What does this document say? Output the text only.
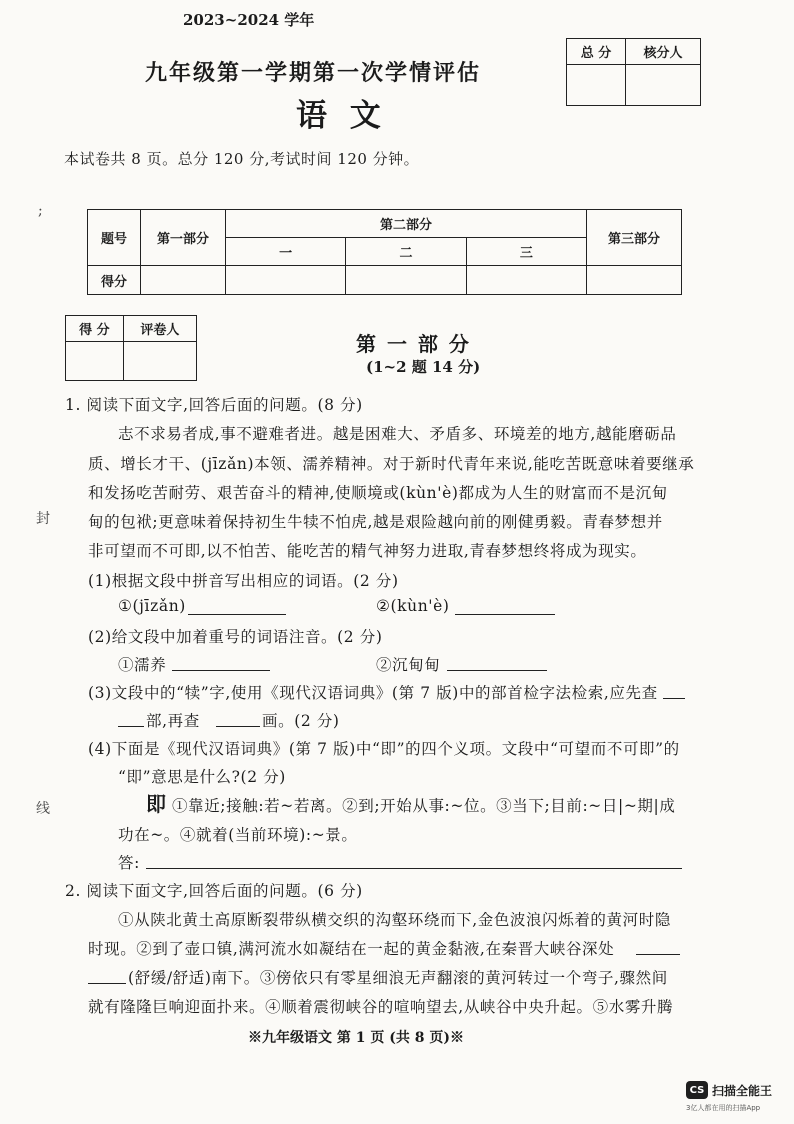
2023~2024 学年
九年级第一学期第一次学情评估
语 文
总 分	核分人

本试卷共 8 页。总分 120 分,考试时间 120 分钟。
;
封
线
题号	第一部分	第二部分			第三部分
		一	二	三	
得分					
得 分	评卷人

第 一 部 分
(1~2 题 14 分)
1. 阅读下面文字,回答后面的问题。(8 分)
志不求易者成,事不避难者进。越是困难大、矛盾多、环境差的地方,越能磨砺品
质、增长才干、(jīzǎn)本领、濡养精神。对于新时代青年来说,能吃苦既意味着要继承
和发扬吃苦耐劳、艰苦奋斗的精神,使顺境或(kùn'è)都成为人生的财富而不是沉甸
甸的包袱;更意味着保持初生牛犊不怕虎,越是艰险越向前的刚健勇毅。青春梦想并
非可望而不可即,以不怕苦、能吃苦的精气神努力进取,青春梦想终将成为现实。
(1)根据文段中拼音写出相应的词语。(2 分)
①(jīzǎn)	②(kùn'è)
(2)给文段中加着重号的词语注音。(2 分)
①濡养	②沉甸甸
(3)文段中的“犊”字,使用《现代汉语词典》(第 7 版)中的部首检字法检索,应先查
部,再查	画。(2 分)
(4)下面是《现代汉语词典》(第 7 版)中“即”的四个义项。文段中“可望而不可即”的
“即”意思是什么?(2 分)
即 ①靠近;接触:若~若离。②到;开始从事:~位。③当下;目前:~日|~期|成
功在~。④就着(当前环境):~景。
答:
2. 阅读下面文字,回答后面的问题。(6 分)
①从陕北黄土高原断裂带纵横交织的沟壑环绕而下,金色波浪闪烁着的黄河时隐
时现。②到了壶口镇,满河流水如凝结在一起的黄金黏液,在秦晋大峡谷深处
(舒缓/舒适)南下。③傍依只有零星细浪无声翻滚的黄河转过一个弯子,骤然间
就有隆隆巨响迎面扑来。④顺着震彻峡谷的喧响望去,从峡谷中央升起。⑤水雾升腾
※九年级语文 第 1 页 (共 8 页)※
CS 扫描全能王
3亿人都在用的扫描App
